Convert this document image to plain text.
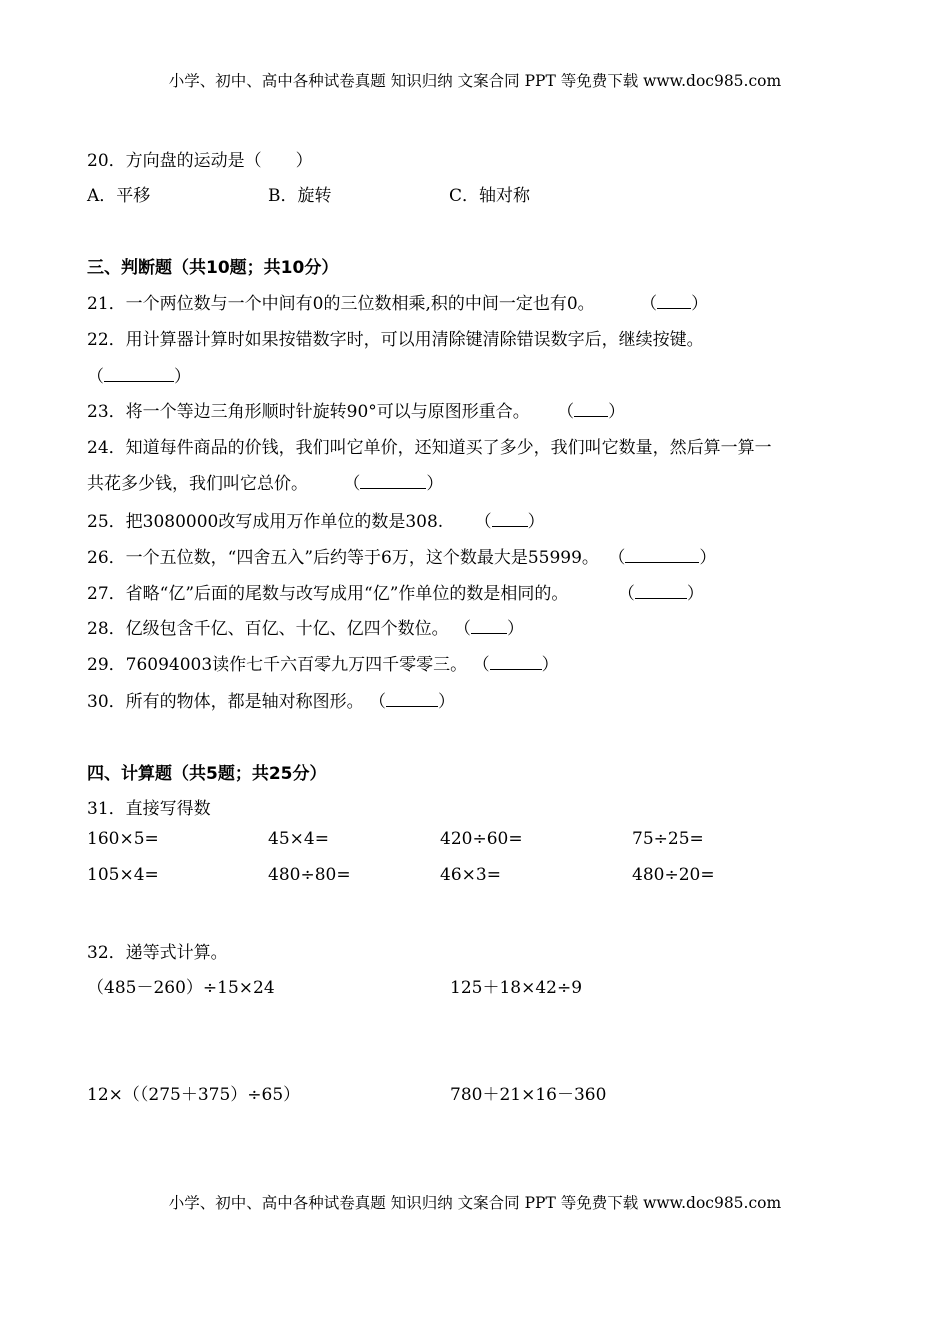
小学、初中、高中各种试卷真题 知识归纳 文案合同 PPT 等免费下载 www.doc985.com
20．方向盘的运动是（　　）
A．平移	B．旋转	C．轴对称
三、判断题（共10题；共10分）
21．一个两位数与一个中间有0的三位数相乘,积的中间一定也有0。	（ ）
22．用计算器计算时如果按错数字时，可以用清除键清除错误数字后，继续按键。
（	）
23．将一个等边三角形顺时针旋转90°可以与原图形重合。 （ ）
24．知道每件商品的价钱，我们叫它单价，还知道买了多少，我们叫它数量，然后算一算一
共花多少钱，我们叫它总价。 （	）
25．把3080000改写成用万作单位的数是308. （ ）
26．一个五位数，“四舍五入”后约等于6万，这个数最大是55999。 （	）
27．省略“亿”后面的尾数与改写成用“亿”作单位的数是相同的。	（	）
28．亿级包含千亿、百亿、十亿、亿四个数位。 （ ）
29．76094003读作七千六百零九万四千零零三。 （	）
30．所有的物体，都是轴对称图形。 （	）
四、计算题（共5题；共25分）
31．直接写得数
160×5=	45×4=	420÷60=	75÷25=
105×4=	480÷80=	46×3=	480÷20=
32．递等式计算。
（485－260）÷15×24	125＋18×42÷9
12×（（275＋375）÷65）	780＋21×16－360
小学、初中、高中各种试卷真题 知识归纳 文案合同 PPT 等免费下载 www.doc985.com
